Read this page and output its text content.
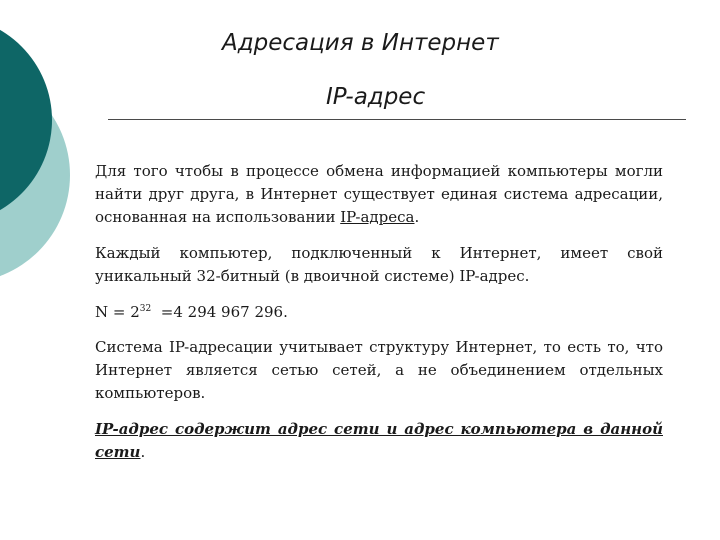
Адресация в Интернет
IP-адрес

Для того чтобы в процессе обмена информацией компьютеры могли найти друг друга, в Интернет существует единая система адресации, основанная на использовании IP-адреса.

Каждый компьютер, подключенный к Интернет, имеет свой уникальный 32-битный (в двоичной системе) IP-адрес.

$N = 2^{32} =4$ 294 967 296.

Система IP-адресации учитывает структуру Интернет, то есть то, что Интернет является сетью сетей, а не объединением отдельных компьютеров.

IP-адрес содержит адрес сети и адрес компьютера в данной сети.
